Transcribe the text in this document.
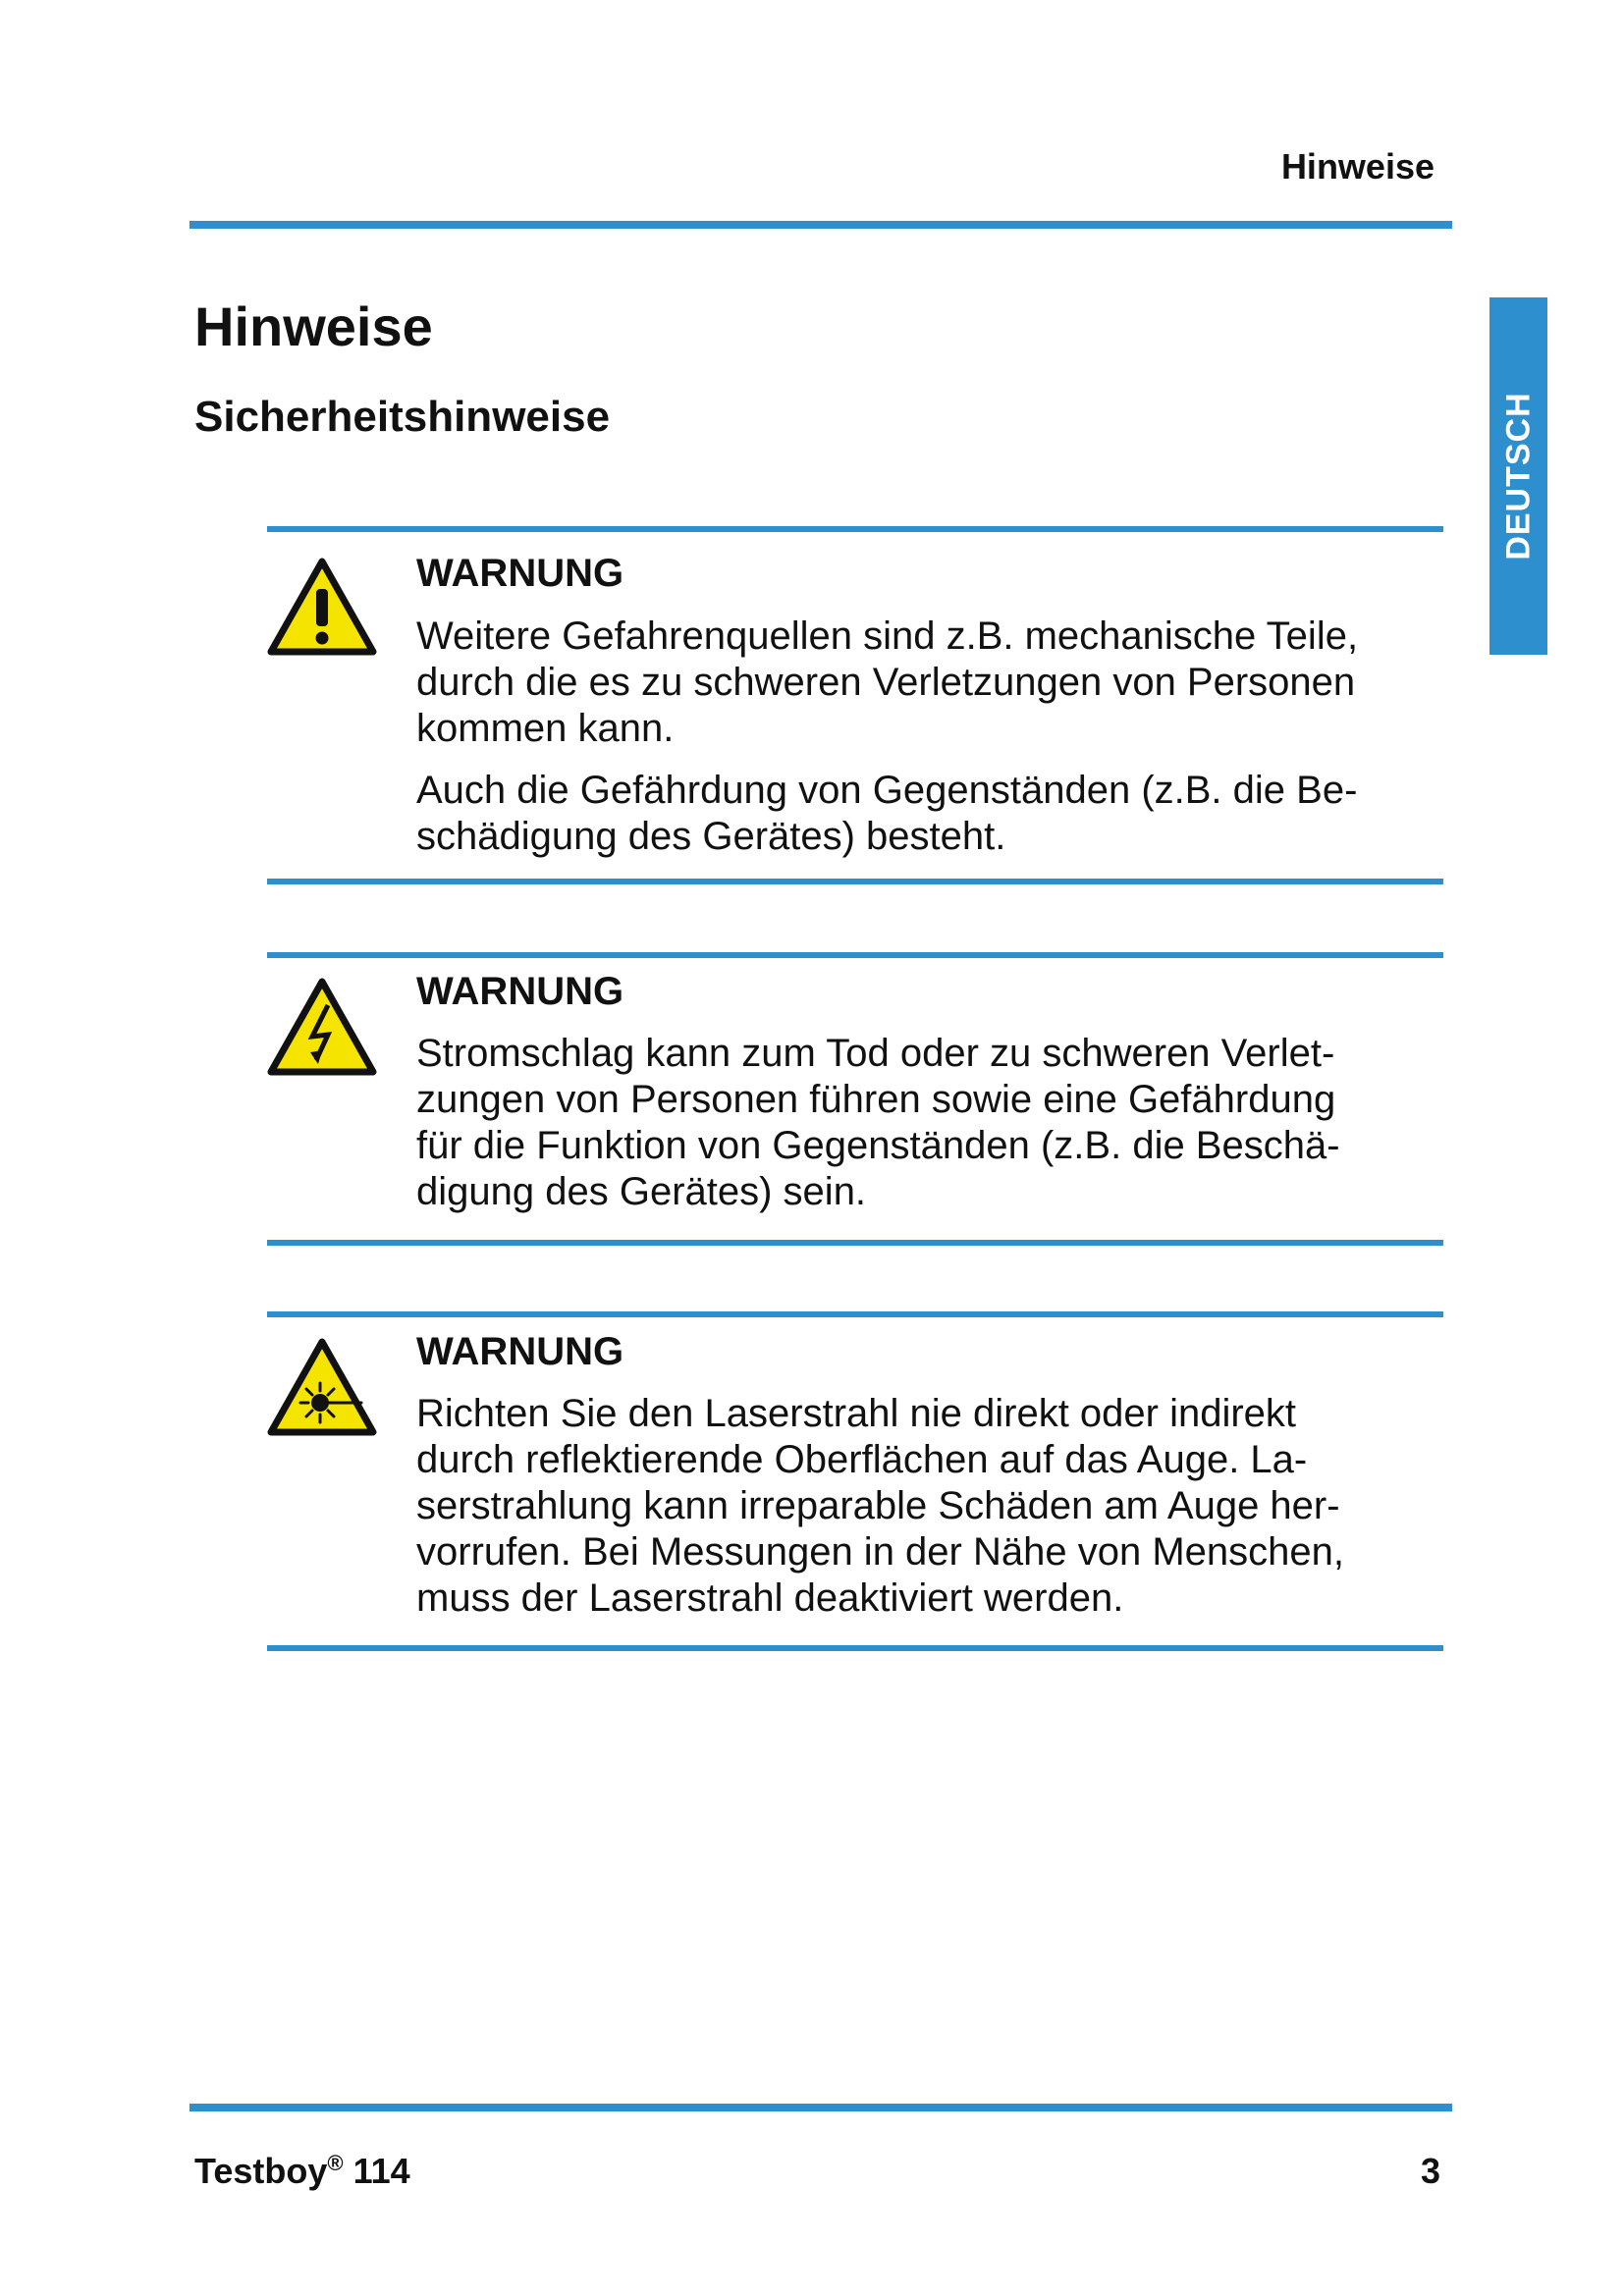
Hinweise
DEUTSCH
Hinweise
Sicherheitshinweise
WARNUNG

Weitere Gefahrenquellen sind z.B. mechanische Teile,
durch die es zu schweren Verletzungen von Personen
kommen kann.

Auch die Gefährdung von Gegenständen (z.B. die Be-
schädigung des Gerätes) besteht.

WARNUNG

Stromschlag kann zum Tod oder zu schweren Verlet-
zungen von Personen führen sowie eine Gefährdung
für die Funktion von Gegenständen (z.B. die Beschä-
digung des Gerätes) sein.

WARNUNG

Richten Sie den Laserstrahl nie direkt oder indirekt
durch reflektierende Oberflächen auf das Auge. La-
serstrahlung kann irreparable Schäden am Auge her-
vorrufen. Bei Messungen in der Nähe von Menschen,
muss der Laserstrahl deaktiviert werden.

Testboy® 114	3
